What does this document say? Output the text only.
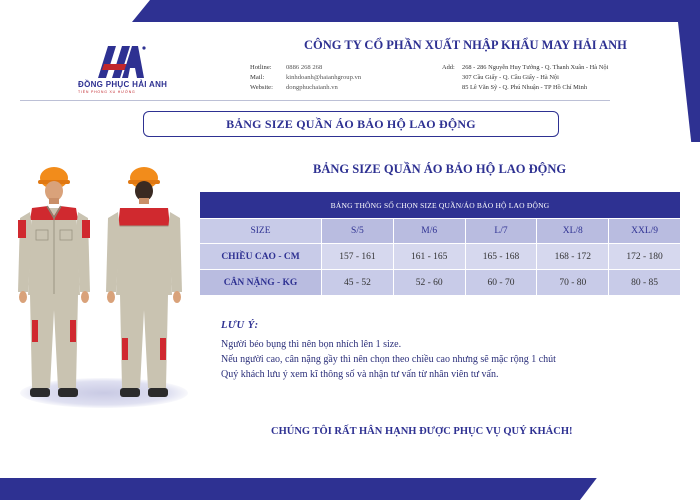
ĐỒNG PHỤC HẢI ANH
TIÊN PHONG XU HƯỚNG
CÔNG TY CỔ PHẦN XUẤT NHẬP KHẨU MAY HẢI ANH
Hotline:	0886 268 268
Mail:	kinhdoanh@haianhgroup.vn
Website:	dongphuchaianh.vn
Add:	268 - 286 Nguyễn Huy Tưởng - Q. Thanh Xuân - Hà Nội
307 Cầu Giấy - Q. Cầu Giấy - Hà Nội
85 Lê Văn Sỹ - Q. Phú Nhuận - TP Hồ Chí Minh
BẢNG SIZE QUẦN ÁO BẢO HỘ LAO ĐỘNG
BẢNG SIZE QUẦN ÁO BẢO HỘ LAO ĐỘNG
BẢNG THÔNG SỐ CHỌN SIZE QUẦN/ÁO BẢO HỘ LAO ĐỘNG					
SIZE	S/5	M/6	L/7	XL/8	XXL/9
CHIỀU CAO - CM	157 - 161	161 - 165	165 - 168	168 - 172	172 - 180
CÂN NẶNG - KG	45 - 52	52 - 60	60 - 70	70 - 80	80 - 85
LƯU Ý:
Người béo bụng thì nên bọn nhích lên 1 size.
Nếu người cao, cân nặng gầy thì nên chọn theo chiều cao nhưng sẽ mặc rộng 1 chút
Quý khách lưu ý xem kĩ thông số và nhận tư vấn từ nhân viên tư vấn.
CHÚNG TÔI RẤT HÂN HẠNH ĐƯỢC PHỤC VỤ QUÝ KHÁCH!
